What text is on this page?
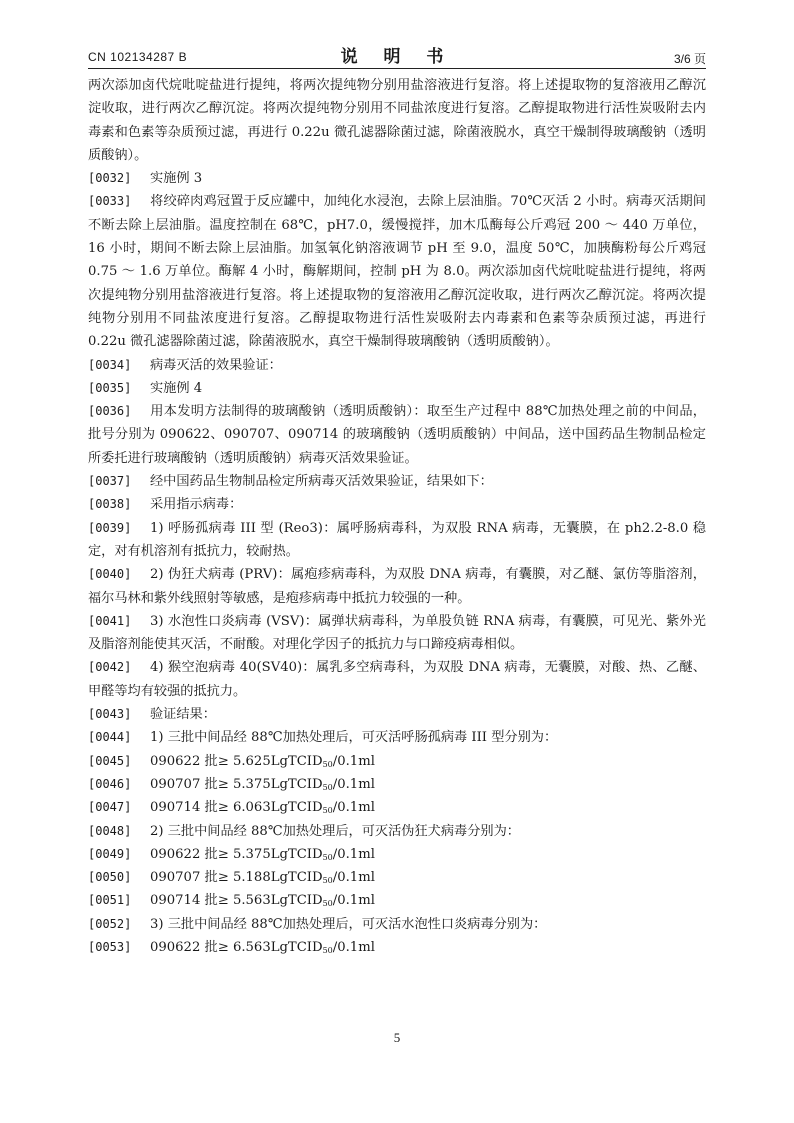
CN 102134287 B	说 明 书	3/6 页

两次添加卤代烷吡啶盐进行提纯，将两次提纯物分别用盐溶液进行复溶。将上述提取物的复溶液用乙醇沉淀收取，进行两次乙醇沉淀。将两次提纯物分别用不同盐浓度进行复溶。乙醇提取物进行活性炭吸附去内毒素和色素等杂质预过滤，再进行 0.22u 微孔滤器除菌过滤，除菌液脱水，真空干燥制得玻璃酸钠（透明质酸钠）。

[0032] 实施例 3

[0033] 将绞碎肉鸡冠置于反应罐中，加纯化水浸泡，去除上层油脂。70℃灭活 2 小时。病毒灭活期间不断去除上层油脂。温度控制在 68℃，pH7.0，缓慢搅拌，加木瓜酶每公斤鸡冠 200 ～ 440 万单位，16 小时，期间不断去除上层油脂。加氢氧化钠溶液调节 pH 至 9.0，温度 50℃，加胰酶粉每公斤鸡冠 0.75 ～ 1.6 万单位。酶解 4 小时，酶解期间，控制 pH 为 8.0。两次添加卤代烷吡啶盐进行提纯，将两次提纯物分别用盐溶液进行复溶。将上述提取物的复溶液用乙醇沉淀收取，进行两次乙醇沉淀。将两次提纯物分别用不同盐浓度进行复溶。乙醇提取物进行活性炭吸附去内毒素和色素等杂质预过滤，再进行 0.22u 微孔滤器除菌过滤，除菌液脱水，真空干燥制得玻璃酸钠（透明质酸钠）。

[0034] 病毒灭活的效果验证：

[0035] 实施例 4

[0036] 用本发明方法制得的玻璃酸钠（透明质酸钠）：取至生产过程中 88℃加热处理之前的中间品，批号分别为 090622、090707、090714 的玻璃酸钠（透明质酸钠）中间品，送中国药品生物制品检定所委托进行玻璃酸钠（透明质酸钠）病毒灭活效果验证。

[0037] 经中国药品生物制品检定所病毒灭活效果验证，结果如下：

[0038] 采用指示病毒：

[0039] 1) 呼肠孤病毒 III 型 (Reo3)：属呼肠病毒科，为双股 RNA 病毒，无囊膜，在 ph2.2-8.0 稳定，对有机溶剂有抵抗力，较耐热。

[0040] 2) 伪狂犬病毒 (PRV)：属疱疹病毒科，为双股 DNA 病毒，有囊膜，对乙醚、氯仿等脂溶剂，福尔马林和紫外线照射等敏感，是疱疹病毒中抵抗力较强的一种。

[0041] 3) 水泡性口炎病毒 (VSV)：属弹状病毒科，为单股负链 RNA 病毒，有囊膜，可见光、紫外光及脂溶剂能使其灭活，不耐酸。对理化学因子的抵抗力与口蹄疫病毒相似。

[0042] 4) 猴空泡病毒 40(SV40)：属乳多空病毒科，为双股 DNA 病毒，无囊膜，对酸、热、乙醚、甲醛等均有较强的抵抗力。

[0043] 验证结果：

[0044] 1) 三批中间品经 88℃加热处理后，可灭活呼肠孤病毒 III 型分别为：

[0045] 090622 批≥ 5.625LgTCID$_{50}$/0.1ml

[0046] 090707 批≥ 5.375LgTCID$_{50}$/0.1ml

[0047] 090714 批≥ 6.063LgTCID$_{50}$/0.1ml

[0048] 2) 三批中间品经 88℃加热处理后，可灭活伪狂犬病毒分别为：

[0049] 090622 批≥ 5.375LgTCID$_{50}$/0.1ml

[0050] 090707 批≥ 5.188LgTCID$_{50}$/0.1ml

[0051] 090714 批≥ 5.563LgTCID$_{50}$/0.1ml

[0052] 3) 三批中间品经 88℃加热处理后，可灭活水泡性口炎病毒分别为：

[0053] 090622 批≥ 6.563LgTCID$_{50}$/0.1ml

5
